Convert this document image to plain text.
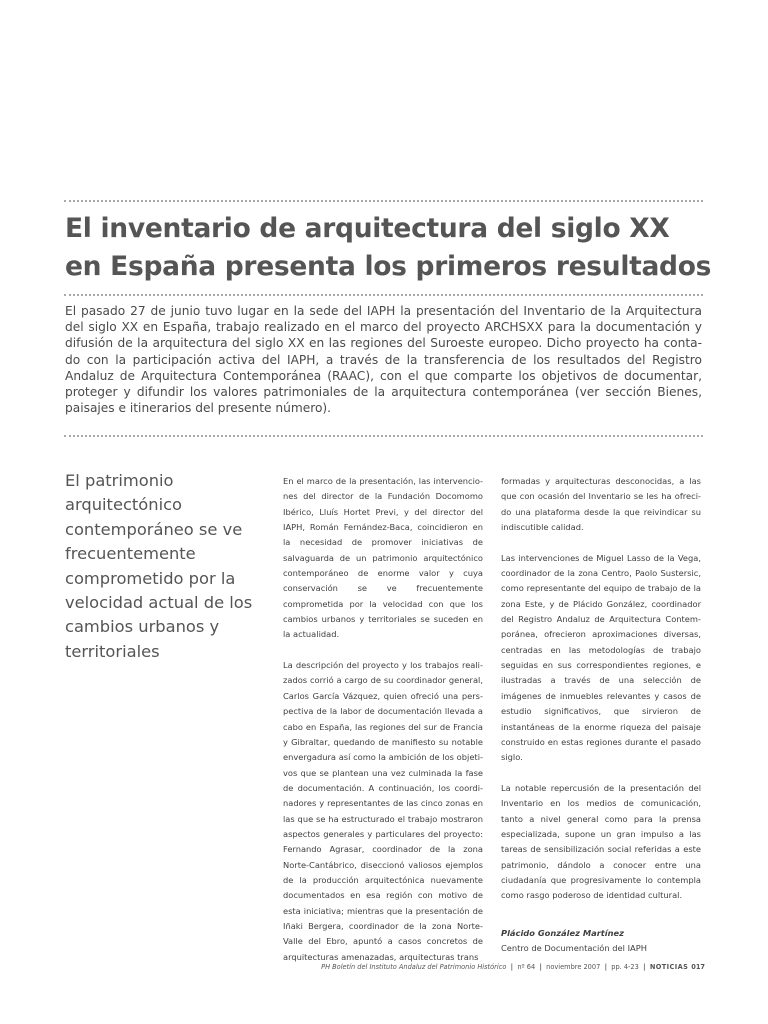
El inventario de arquitectura del siglo XX
en España presenta los primeros resultados

El pasado 27 de junio tuvo lugar en la sede del IAPH la presentación del Inventario de la Arquitectura del siglo XX en España, trabajo realizado en el marco del proyecto ARCHSXX para la documentación y difusión de la arquitectura del siglo XX en las regiones del Suroeste europeo. Dicho proyecto ha contado con la participación activa del IAPH, a través de la transferencia de los resultados del Registro Andaluz de Arquitectura Contemporánea (RAAC), con el que comparte los objetivos de documentar, proteger y difundir los valores patrimoniales de la arquitectura contemporánea (ver sección Bienes, paisajes e itinerarios del presente número).

El patrimonio arquitectónico contemporáneo se ve frecuentemente comprometido por la velocidad actual de los cambios urbanos y territoriales

En el marco de la presentación, las intervenciones del director de la Fundación Docomomo Ibérico, Lluís Hortet Previ, y del director del IAPH, Román Fernández-Baca, coincidieron en la necesidad de promover iniciativas de salvaguarda de un patrimonio arquitectónico contemporáneo de enorme valor y cuya conservación se ve frecuentemente comprometida por la velocidad con que los cambios urbanos y territoriales se suceden en la actualidad.

La descripción del proyecto y los trabajos realizados corrió a cargo de su coordinador general, Carlos García Vázquez, quien ofreció una perspectiva de la labor de documentación llevada a cabo en España, las regiones del sur de Francia y Gibraltar, quedando de manifiesto su notable envergadura así como la ambición de los objetivos que se plantean una vez culminada la fase de documentación. A continuación, los coordinadores y representantes de las cinco zonas en las que se ha estructurado el trabajo mostraron aspectos generales y particulares del proyecto: Fernando Agrasar, coordinador de la zona Norte-Cantábrico, diseccionó valiosos ejemplos de la producción arquitectónica nuevamente documentados en esa región con motivo de esta iniciativa; mientras que la presentación de Iñaki Bergera, coordinador de la zona Norte-Valle del Ebro, apuntó a casos concretos de arquitecturas amenazadas, arquitecturas trans

formadas y arquitecturas desconocidas, a las que con ocasión del Inventario se les ha ofrecido una plataforma desde la que reivindicar su indiscutible calidad.

Las intervenciones de Miguel Lasso de la Vega, coordinador de la zona Centro, Paolo Sustersic, como representante del equipo de trabajo de la zona Este, y de Plácido González, coordinador del Registro Andaluz de Arquitectura Contemporánea, ofrecieron aproximaciones diversas, centradas en las metodologías de trabajo seguidas en sus correspondientes regiones, e ilustradas a través de una selección de imágenes de inmuebles relevantes y casos de estudio significativos, que sirvieron de instantáneas de la enorme riqueza del paisaje construido en estas regiones durante el pasado siglo.

La notable repercusión de la presentación del Inventario en los medios de comunicación, tanto a nivel general como para la prensa especializada, supone un gran impulso a las tareas de sensibilización social referidas a este patrimonio, dándolo a conocer entre una ciudadanía que progresivamente lo contempla como rasgo poderoso de identidad cultural.

Plácido González Martínez
Centro de Documentación del IAPH
PH Boletín del Instituto Andaluz del Patrimonio Histórico | nº 64 | noviembre 2007 | pp. 4-23 | NOTICIAS 017
